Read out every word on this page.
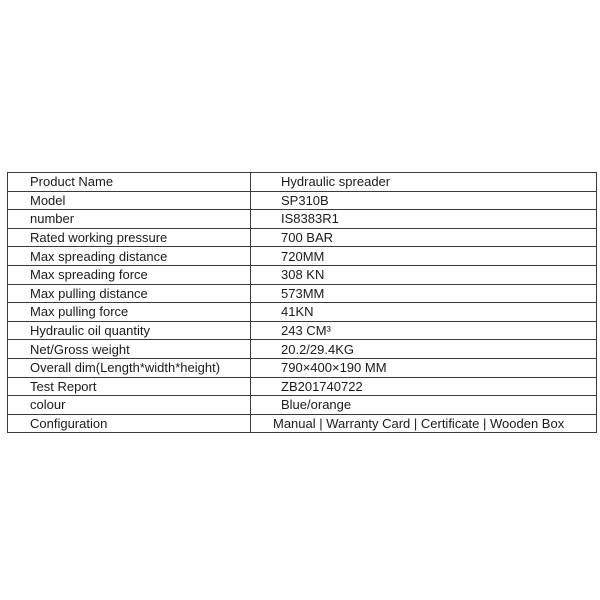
Product Name	Hydraulic spreader
Model	SP310B
number	IS8383R1
Rated working pressure	700 BAR
Max spreading distance	720MM
Max spreading force	308 KN
Max pulling distance	573MM
Max pulling force	41KN
Hydraulic oil quantity	243 CM³
Net/Gross weight	20.2/29.4KG
Overall dim(Length*width*height)	790×400×190 MM
Test Report	ZB201740722
colour	Blue/orange
Configuration	Manual | Warranty Card | Certificate | Wooden Box
